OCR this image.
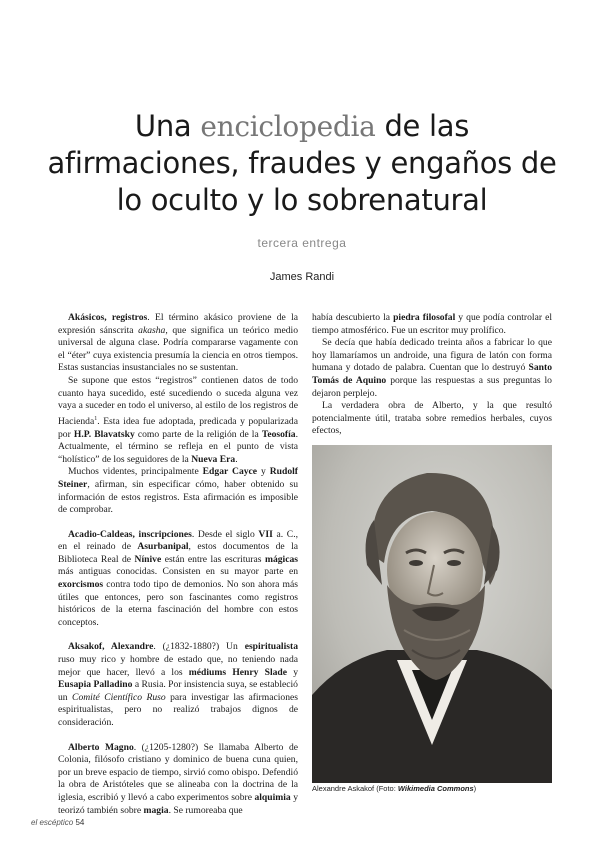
Una enciclopedia de las
afirmaciones, fraudes y engaños de
lo oculto y lo sobrenatural
tercera entrega
James Randi

Akásicos, registros. El término akásico proviene de la expresión sánscrita akasha, que significa un teórico medio universal de alguna clase. Podría compararse vagamente con el “éter” cuya existencia presumía la ciencia en otros tiempos. Estas sustancias insustanciales no se sustentan.

Se supone que estos “registros” contienen datos de todo cuanto haya sucedido, esté sucediendo o suceda alguna vez vaya a suceder en todo el universo, al estilo de los registros de Hacienda$^1$. Esta idea fue adoptada, predicada y popularizada por H.P. Blavatsky como parte de la religión de la Teosofía. Actualmente, el término se refleja en el punto de vista “holístico” de los seguidores de la Nueva Era.

Muchos videntes, principalmente Edgar Cayce y Rudolf Steiner, afirman, sin especificar cómo, haber obtenido su información de estos registros. Esta afirmación es imposible de comprobar.

Acadio-Caldeas, inscripciones. Desde el siglo VII a. C., en el reinado de Asurbanipal, estos documentos de la Biblioteca Real de Nínive están entre las escrituras mágicas más antiguas conocidas. Consisten en su mayor parte en exorcismos contra todo tipo de demonios. No son ahora más útiles que entonces, pero son fascinantes como registros históricos de la eterna fascinación del hombre con estos conceptos.

Aksakof, Alexandre. (¿1832-1880?) Un espiritualista ruso muy rico y hombre de estado que, no teniendo nada mejor que hacer, llevó a los médiums Henry Slade y Eusapia Palladino a Rusia. Por insistencia suya, se estableció un Comité Científico Ruso para investigar las afirmaciones espiritualistas, pero no realizó trabajos dignos de consideración.

Alberto Magno. (¿1205-1280?) Se llamaba Alberto de Colonia, filósofo cristiano y dominico de buena cuna quien, por un breve espacio de tiempo, sirvió como obispo. Defendió la obra de Aristóteles que se alineaba con la doctrina de la iglesia, escribió y llevó a cabo experimentos sobre alquimia y teorizó también sobre magia. Se rumoreaba que

había descubierto la piedra filosofal y que podía controlar el tiempo atmosférico. Fue un escritor muy prolífico.

Se decía que había dedicado treinta años a fabricar lo que hoy llamaríamos un androide, una figura de latón con forma humana y dotado de palabra. Cuentan que lo destruyó Santo Tomás de Aquino porque las respuestas a sus preguntas lo dejaron perplejo.

La verdadera obra de Alberto, y la que resultó potencialmente útil, trataba sobre remedios herbales, cuyos efectos,

Alexandre Askakof (Foto: Wikimedia Commons)
el escéptico 54
